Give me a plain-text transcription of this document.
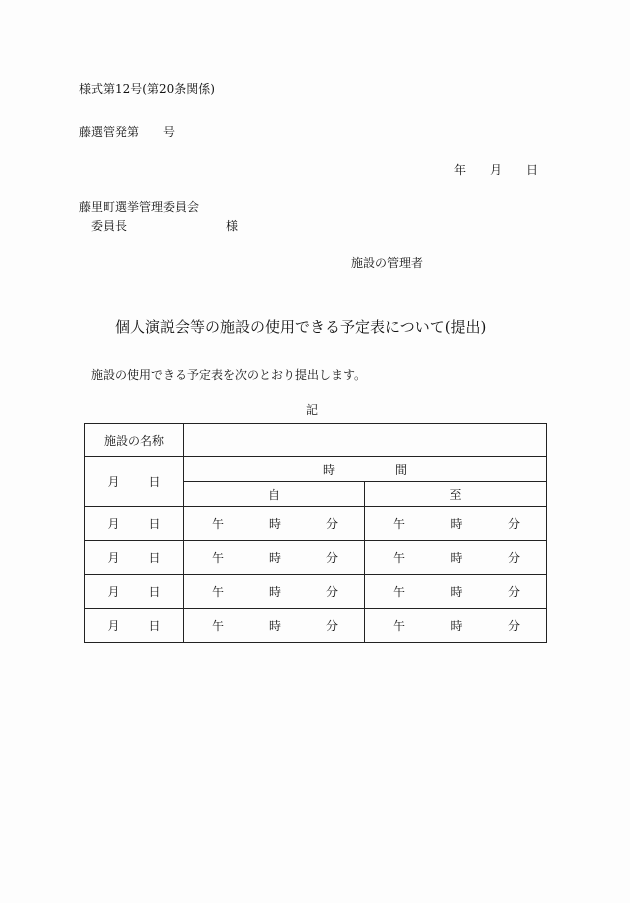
様式第12号(第20条関係)
藤選管発第　　号
年　　月　　日
藤里町選挙管理委員会
委員長	様
施設の管理者
個人演説会等の施設の使用できる予定表について(提出)
施設の使用できる予定表を次のとおり提出します。
記
施設の名称		

月 日	時 間	
	自	至

月 日	午 時 分	午 時 分

月 日	午 時 分	午 時 分

月 日	午 時 分	午 時 分

月 日	午 時 分	午 時 分
